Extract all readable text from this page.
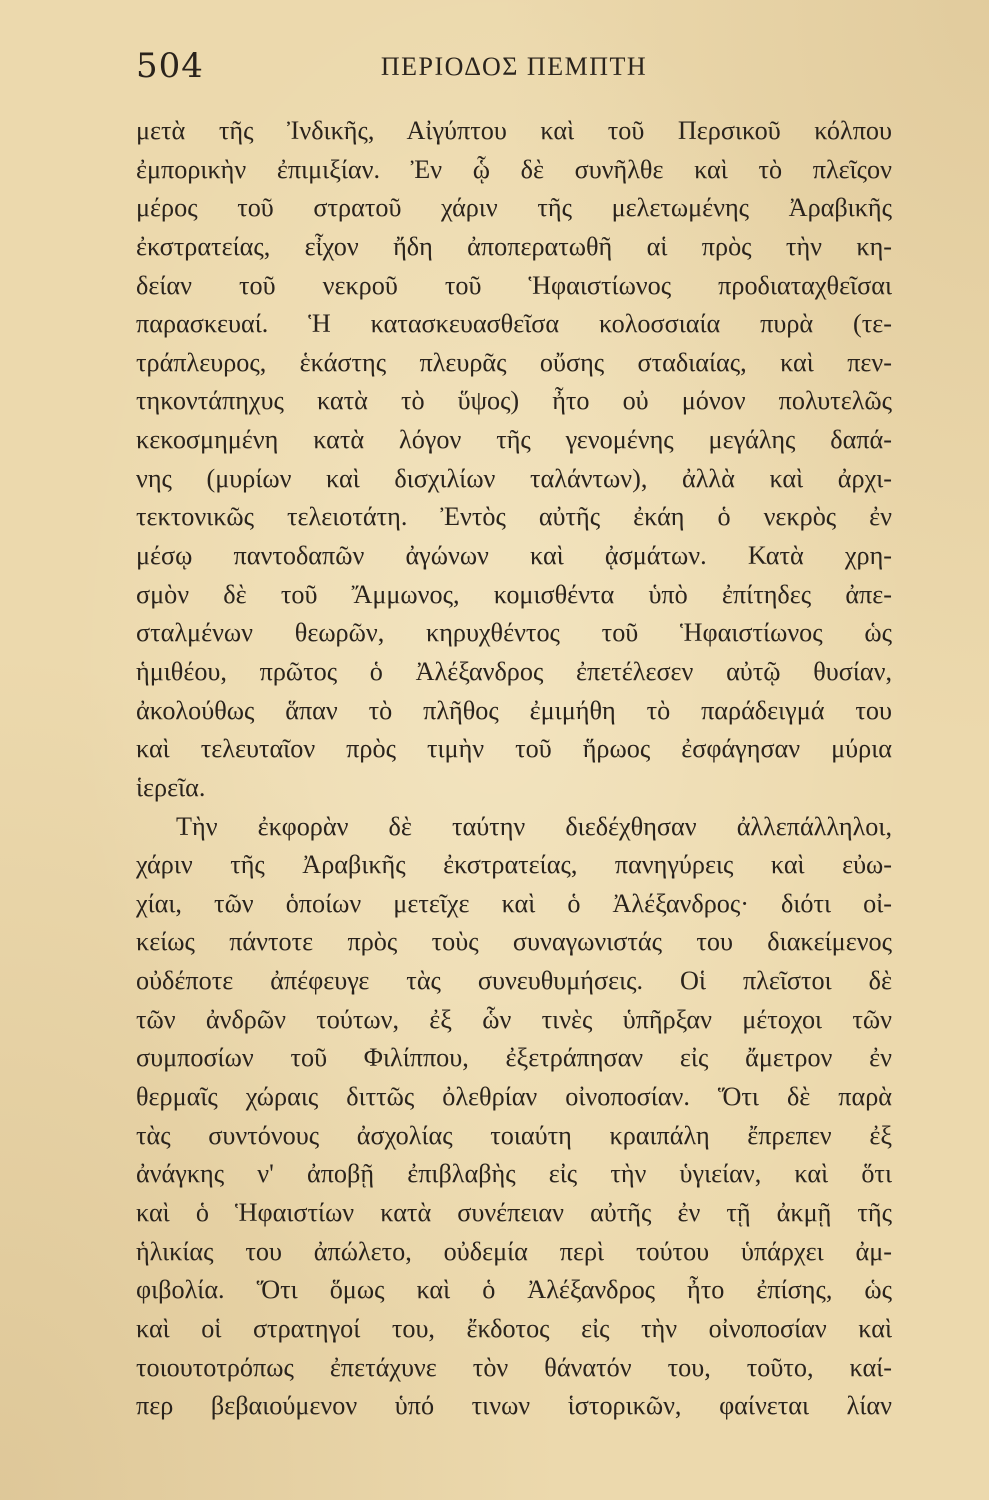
504	ΠΕΡΙΟΔΟΣ ΠΕΜΠΤΗ
μετὰ τῆς Ἰνδικῆς, Αἰγύπτου καὶ τοῦ Περσικοῦ κόλπου
ἐμπορικὴν ἐπιμιξίαν. Ἐν ᾧ δὲ συνῆλθε καὶ τὸ πλεῖςον
μέρος τοῦ στρατοῦ χάριν τῆς μελετωμένης Ἀραβικῆς
ἐκστρατείας, εἶχον ἤδη ἀποπερατωθῆ αἱ πρὸς τὴν κη-
δείαν τοῦ νεκροῦ τοῦ Ἡφαιστίωνος προδιαταχθεῖσαι
παρασκευαί. Ἡ κατασκευασθεῖσα κολοσσιαία πυρὰ (τε-
τράπλευρος, ἑκάστης πλευρᾶς οὔσης σταδιαίας, καὶ πεν-
τηκοντάπηχυς κατὰ τὸ ὕψος) ἦτο οὐ μόνον πολυτελῶς
κεκοσμημένη κατὰ λόγον τῆς γενομένης μεγάλης δαπά-
νης (μυρίων καὶ δισχιλίων ταλάντων), ἀλλὰ καὶ ἀρχι-
τεκτονικῶς τελειοτάτη. Ἐντὸς αὐτῆς ἐκάη ὁ νεκρὸς ἐν
μέσῳ παντοδαπῶν ἀγώνων καὶ ᾀσμάτων. Κατὰ χρη-
σμὸν δὲ τοῦ Ἄμμωνος, κομισθέντα ὑπὸ ἐπίτηδες ἀπε-
σταλμένων θεωρῶν, κηρυχθέντος τοῦ Ἡφαιστίωνος ὡς
ἡμιθέου, πρῶτος ὁ Ἀλέξανδρος ἐπετέλεσεν αὐτῷ θυσίαν,
ἀκολούθως ἅπαν τὸ πλῆθος ἐμιμήθη τὸ παράδειγμά του
καὶ τελευταῖον πρὸς τιμὴν τοῦ ἥρωος ἐσφάγησαν μύρια
ἱερεῖα.
Τὴν ἐκφορὰν δὲ ταύτην διεδέχθησαν ἀλλεπάλληλοι,
χάριν τῆς Ἀραβικῆς ἐκστρατείας, πανηγύρεις καὶ εὐω-
χίαι, τῶν ὁποίων μετεῖχε καὶ ὁ Ἀλέξανδρος· διότι οἰ-
κείως πάντοτε πρὸς τοὺς συναγωνιστάς του διακείμενος
οὐδέποτε ἀπέφευγε τὰς συνευθυμήσεις. Οἱ πλεῖστοι δὲ
τῶν ἀνδρῶν τούτων, ἐξ ὧν τινὲς ὑπῆρξαν μέτοχοι τῶν
συμποσίων τοῦ Φιλίππου, ἐξετράπησαν εἰς ἄμετρον ἐν
θερμαῖς χώραις διττῶς ὀλεθρίαν οἰνοποσίαν. Ὅτι δὲ παρὰ
τὰς συντόνους ἀσχολίας τοιαύτη κραιπάλη ἔπρεπεν ἐξ
ἀνάγκης ν' ἀποβῇ ἐπιβλαβὴς εἰς τὴν ὑγιείαν, καὶ ὅτι
καὶ ὁ Ἡφαιστίων κατὰ συνέπειαν αὐτῆς ἐν τῇ ἀκμῇ τῆς
ἡλικίας του ἀπώλετο, οὐδεμία περὶ τούτου ὑπάρχει ἀμ-
φιβολία. Ὅτι ὅμως καὶ ὁ Ἀλέξανδρος ἦτο ἐπίσης, ὡς
καὶ οἱ στρατηγοί του, ἔκδοτος εἰς τὴν οἰνοποσίαν καὶ
τοιουτοτρόπως ἐπετάχυνε τὸν θάνατόν του, τοῦτο, καί-
περ βεβαιούμενον ὑπό τινων ἱστορικῶν, φαίνεται λίαν
